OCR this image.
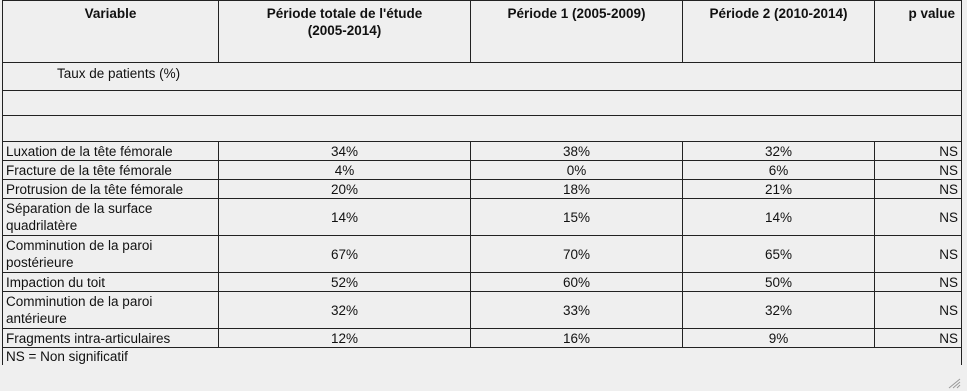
Variable	Période totale de l'étude (2005-2014)	Période 1 (2005-2009)	Période 2 (2010-2014)	p value
Taux de patients (%)				

Luxation de la tête fémorale	34%	38%	32%	NS
Fracture de la tête fémorale	4%	0%	6%	NS
Protrusion de la tête fémorale	20%	18%	21%	NS
Séparation de la surface quadrilatère	14%	15%	14%	NS
Comminution de la paroi postérieure	67%	70%	65%	NS
Impaction du toit	52%	60%	50%	NS
Comminution de la paroi antérieure	32%	33%	32%	NS
Fragments intra-articulaires	12%	16%	9%	NS
NS = Non significatif				
